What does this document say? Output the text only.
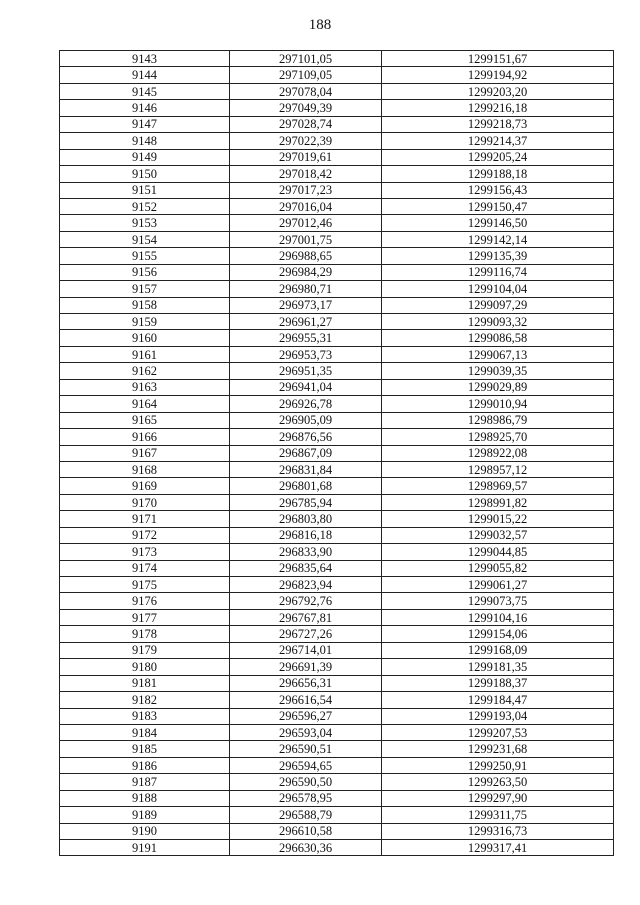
188
9143	297101,05	1299151,67
9144	297109,05	1299194,92
9145	297078,04	1299203,20
9146	297049,39	1299216,18
9147	297028,74	1299218,73
9148	297022,39	1299214,37
9149	297019,61	1299205,24
9150	297018,42	1299188,18
9151	297017,23	1299156,43
9152	297016,04	1299150,47
9153	297012,46	1299146,50
9154	297001,75	1299142,14
9155	296988,65	1299135,39
9156	296984,29	1299116,74
9157	296980,71	1299104,04
9158	296973,17	1299097,29
9159	296961,27	1299093,32
9160	296955,31	1299086,58
9161	296953,73	1299067,13
9162	296951,35	1299039,35
9163	296941,04	1299029,89
9164	296926,78	1299010,94
9165	296905,09	1298986,79
9166	296876,56	1298925,70
9167	296867,09	1298922,08
9168	296831,84	1298957,12
9169	296801,68	1298969,57
9170	296785,94	1298991,82
9171	296803,80	1299015,22
9172	296816,18	1299032,57
9173	296833,90	1299044,85
9174	296835,64	1299055,82
9175	296823,94	1299061,27
9176	296792,76	1299073,75
9177	296767,81	1299104,16
9178	296727,26	1299154,06
9179	296714,01	1299168,09
9180	296691,39	1299181,35
9181	296656,31	1299188,37
9182	296616,54	1299184,47
9183	296596,27	1299193,04
9184	296593,04	1299207,53
9185	296590,51	1299231,68
9186	296594,65	1299250,91
9187	296590,50	1299263,50
9188	296578,95	1299297,90
9189	296588,79	1299311,75
9190	296610,58	1299316,73
9191	296630,36	1299317,41
